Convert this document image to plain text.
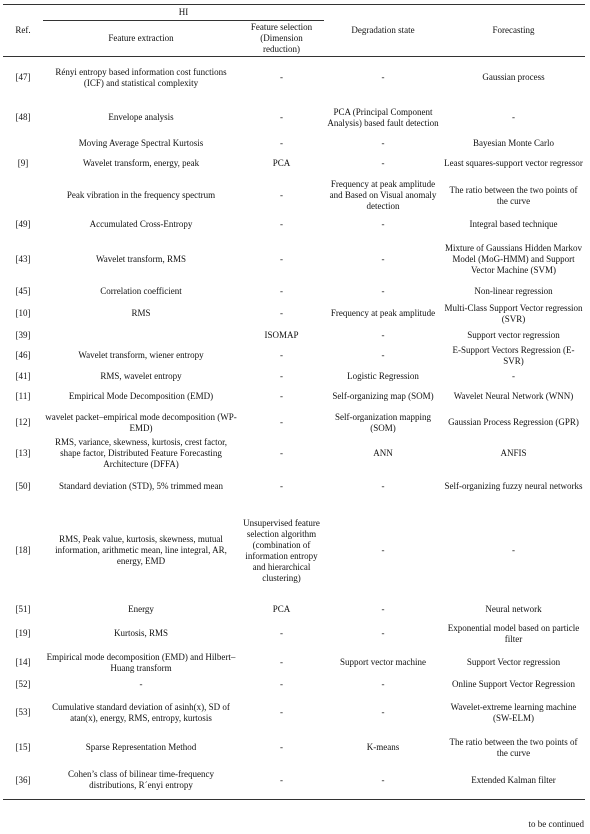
Ref.	HI		Degradation state	Forecasting
	Feature extraction	Feature selection (Dimension reduction)		
[47]	Rényi entropy based information cost functions (ICF) and statistical complexity	-	-	Gaussian process
[48]	Envelope analysis	-	PCA (Principal Component Analysis) based fault detection	-
	Moving Average Spectral Kurtosis	-	-	Bayesian Monte Carlo
[9]	Wavelet transform, energy, peak	PCA	-	Least squares-support vector regressor
	Peak vibration in the frequency spectrum	-	Frequency at peak amplitude and Based on Visual anomaly detection	The ratio between the two points of the curve
[49]	Accumulated Cross-Entropy	-	-	Integral based technique
[43]	Wavelet transform, RMS	-	-	Mixture of Gaussians Hidden Markov Model (MoG-HMM) and Support Vector Machine (SVM)
[45]	Correlation coefficient	-	-	Non-linear regression
[10]	RMS	-	Frequency at peak amplitude	Multi-Class Support Vector regression (SVR)
[39]		ISOMAP	-	Support vector regression
[46]	Wavelet transform, wiener entropy	-	-	E-Support Vectors Regression (E-SVR)
[41]	RMS, wavelet entropy	-	Logistic Regression	-
[11]	Empirical Mode Decomposition (EMD)	-	Self-organizing map (SOM)	Wavelet Neural Network (WNN)
[12]	wavelet packet–empirical mode decomposition (WP-EMD)	-	Self-organization mapping (SOM)	Gaussian Process Regression (GPR)
[13]	RMS, variance, skewness, kurtosis, crest factor, shape factor, Distributed Feature Forecasting Architecture (DFFA)	-	ANN	ANFIS
[50]	Standard deviation (STD), 5% trimmed mean	-	-	Self-organizing fuzzy neural networks
[18]	RMS, Peak value, kurtosis, skewness, mutual information, arithmetic mean, line integral, AR, energy, EMD	Unsupervised feature selection algorithm (combination of information entropy and hierarchical clustering)	-	-
[51]	Energy	PCA	-	Neural network
[19]	Kurtosis, RMS	-	-	Exponential model based on particle filter
[14]	Empirical mode decomposition (EMD) and Hilbert–Huang transform	-	Support vector machine	Support Vector regression
[52]	-	-	-	Online Support Vector Regression
[53]	Cumulative standard deviation of asinh(x), SD of atan(x), energy, RMS, entropy, kurtosis	-	-	Wavelet-extreme learning machine (SW-ELM)
[15]	Sparse Representation Method	-	K-means	The ratio between the two points of the curve
[36]	Cohen’s class of bilinear time-frequency distributions, R´enyi entropy	-	-	Extended Kalman filter
to be continued
